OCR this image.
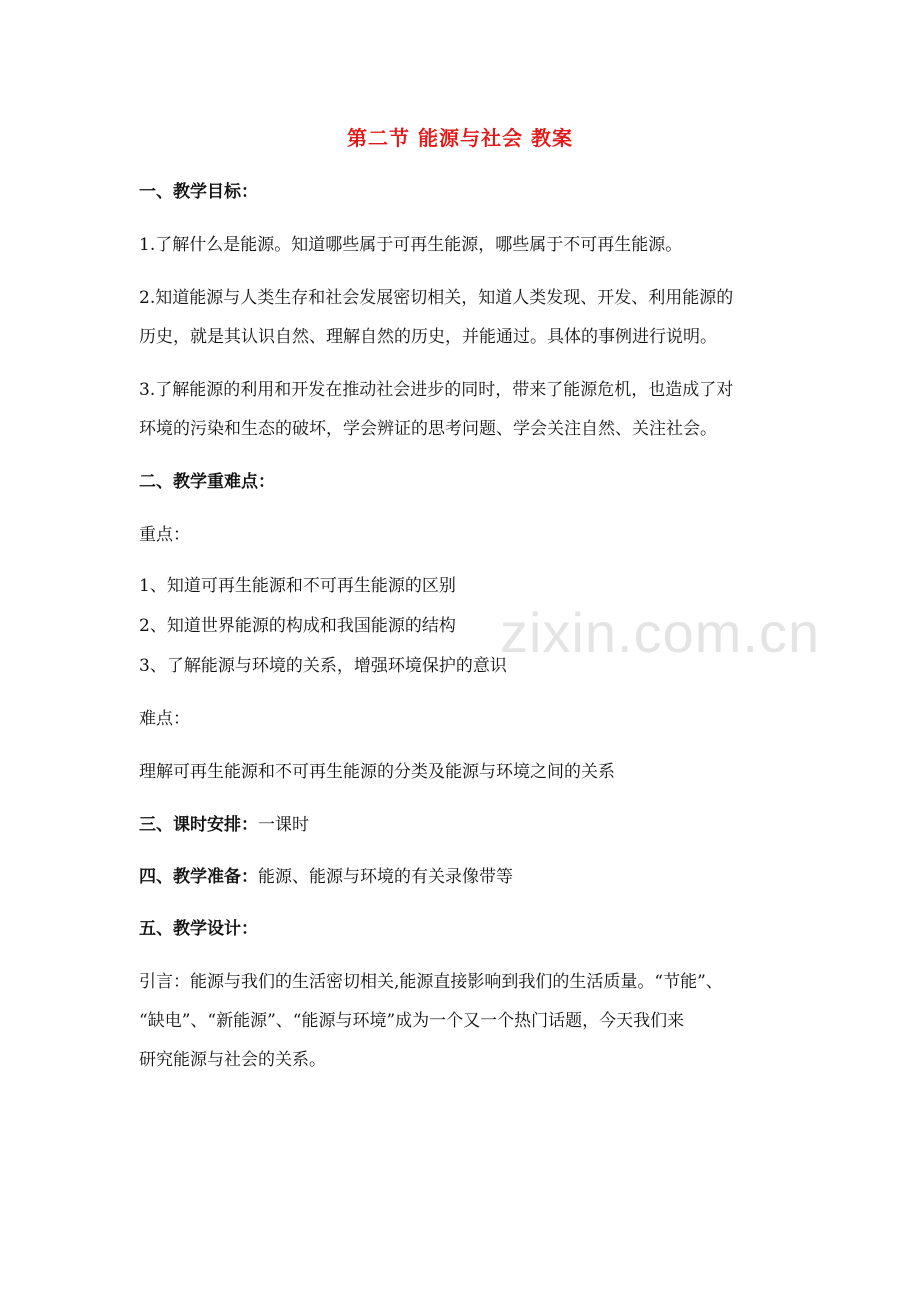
zixin.com.cn
第二节 能源与社会 教案
一、教学目标：
1.了解什么是能源。知道哪些属于可再生能源，哪些属于不可再生能源。
2.知道能源与人类生存和社会发展密切相关，知道人类发现、开发、利用能源的
历史，就是其认识自然、理解自然的历史，并能通过。具体的事例进行说明。
3.了解能源的利用和开发在推动社会进步的同时，带来了能源危机，也造成了对
环境的污染和生态的破坏，学会辨证的思考问题、学会关注自然、关注社会。
二、教学重难点：
重点：
1、知道可再生能源和不可再生能源的区别
2、知道世界能源的构成和我国能源的结构
3、了解能源与环境的关系，增强环境保护的意识
难点：
理解可再生能源和不可再生能源的分类及能源与环境之间的关系
三、课时安排：一课时
四、教学准备：能源、能源与环境的有关录像带等
五、教学设计：
引言：能源与我们的生活密切相关,能源直接影响到我们的生活质量。“节能”、
“缺电”、“新能源”、“能源与环境”成为一个又一个热门话题，今天我们来
研究能源与社会的关系。
